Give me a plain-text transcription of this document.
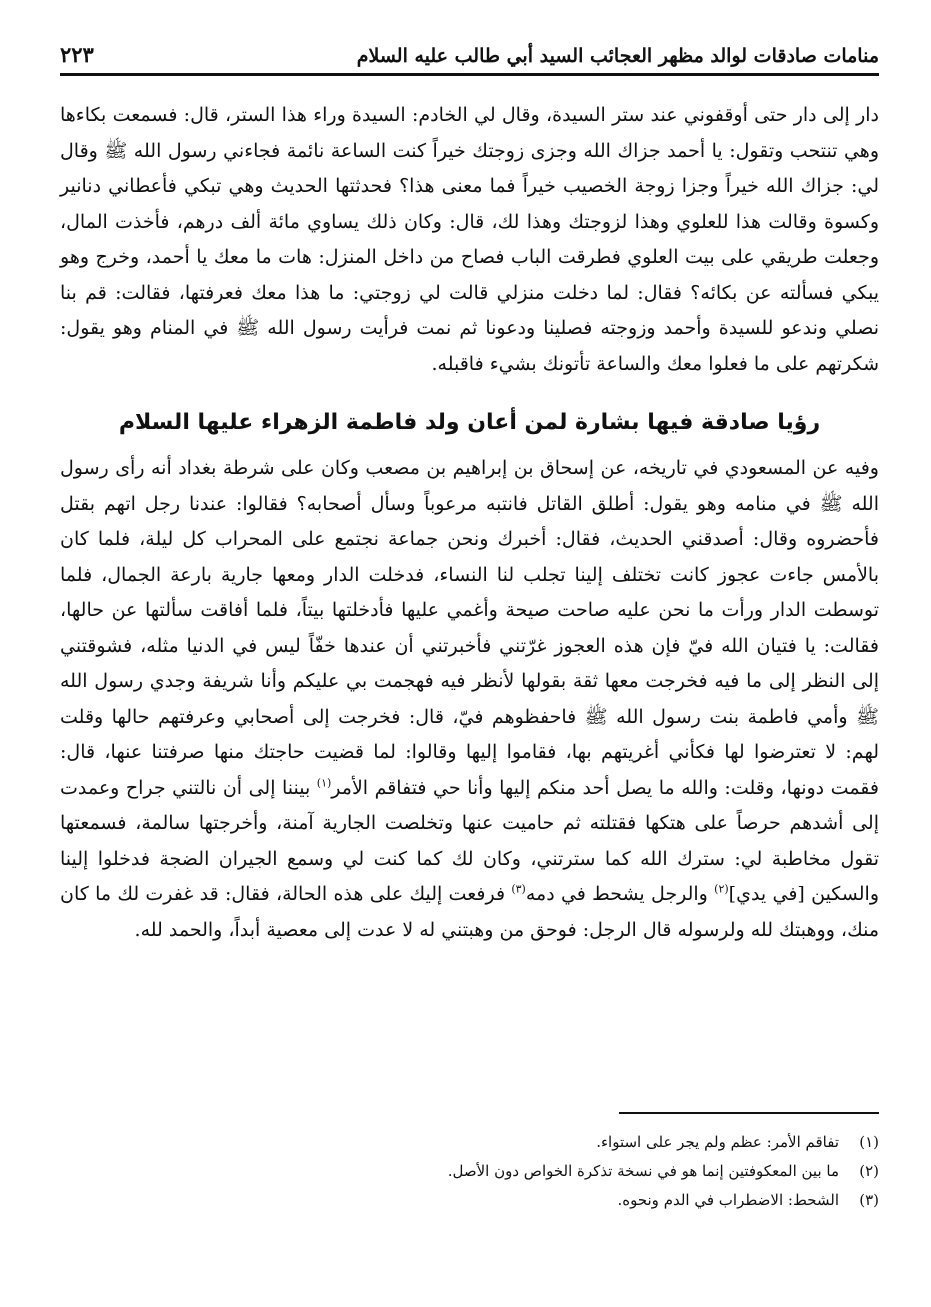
منامات صادقات لوالد مظهر العجائب السيد أبي طالب عليه السلام
٢٢٣

دار إلى دار حتى أوقفوني عند ستر السيدة، وقال لي الخادم: السيدة وراء هذا الستر، قال: فسمعت بكاءها وهي تنتحب وتقول: يا أحمد جزاك الله وجزى زوجتك خيراً كنت الساعة نائمة فجاءني رسول الله ﷺ وقال لي: جزاك الله خيراً وجزا زوجة الخصيب خيراً فما معنى هذا؟ فحدثتها الحديث وهي تبكي فأعطاني دنانير وكسوة وقالت هذا للعلوي وهذا لزوجتك وهذا لك، قال: وكان ذلك يساوي مائة ألف درهم، فأخذت المال، وجعلت طريقي على بيت العلوي فطرقت الباب فصاح من داخل المنزل: هات ما معك يا أحمد، وخرج وهو يبكي فسألته عن بكائه؟ فقال: لما دخلت منزلي قالت لي زوجتي: ما هذا معك فعرفتها، فقالت: قم بنا نصلي وندعو للسيدة وأحمد وزوجته فصلينا ودعونا ثم نمت فرأيت رسول الله ﷺ في المنام وهو يقول: شكرتهم على ما فعلوا معك والساعة تأتونك بشيء فاقبله.

رؤيا صادقة فيها بشارة لمن أعان ولد فاطمة الزهراء عليها السلام

وفيه عن المسعودي في تاريخه، عن إسحاق بن إبراهيم بن مصعب وكان على شرطة بغداد أنه رأى رسول الله ﷺ في منامه وهو يقول: أطلق القاتل فانتبه مرعوباً وسأل أصحابه؟ فقالوا: عندنا رجل اتهم بقتل فأحضروه وقال: أصدقني الحديث، فقال: أخبرك ونحن جماعة نجتمع على المحراب كل ليلة، فلما كان بالأمس جاءت عجوز كانت تختلف إلينا تجلب لنا النساء، فدخلت الدار ومعها جارية بارعة الجمال، فلما توسطت الدار ورأت ما نحن عليه صاحت صيحة وأغمي عليها فأدخلتها بيتاً، فلما أفاقت سألتها عن حالها، فقالت: يا فتيان الله فيّ فإن هذه العجوز غرّتني فأخبرتني أن عندها خفّاً ليس في الدنيا مثله، فشوقتني إلى النظر إلى ما فيه فخرجت معها ثقة بقولها لأنظر فيه فهجمت بي عليكم وأنا شريفة وجدي رسول الله ﷺ وأمي فاطمة بنت رسول الله ﷺ فاحفظوهم فيّ، قال: فخرجت إلى أصحابي وعرفتهم حالها وقلت لهم: لا تعترضوا لها فكأني أغريتهم بها، فقاموا إليها وقالوا: لما قضيت حاجتك منها صرفتنا عنها، قال: فقمت دونها، وقلت: والله ما يصل أحد منكم إليها وأنا حي فتفاقم الأمر$^{(١)}$ بيننا إلى أن نالتني جراح وعمدت إلى أشدهم حرصاً على هتكها فقتلته ثم حاميت عنها وتخلصت الجارية آمنة، وأخرجتها سالمة، فسمعتها تقول مخاطبة لي: سترك الله كما سترتني، وكان لك كما كنت لي وسمع الجيران الضجة فدخلوا إلينا والسكين [في يدي]$^{(٢)}$ والرجل يشحط في دمه$^{(٣)}$ فرفعت إليك على هذه الحالة، فقال: قد غفرت لك ما كان منك، ووهبتك لله ولرسوله قال الرجل: فوحق من وهبتني له لا عدت إلى معصية أبداً، والحمد لله.

(١)
تفاقم الأمر: عظم ولم يجر على استواء.
(٢)
ما بين المعكوفتين إنما هو في نسخة تذكرة الخواص دون الأصل.
(٣)
الشحط: الاضطراب في الدم ونحوه.
